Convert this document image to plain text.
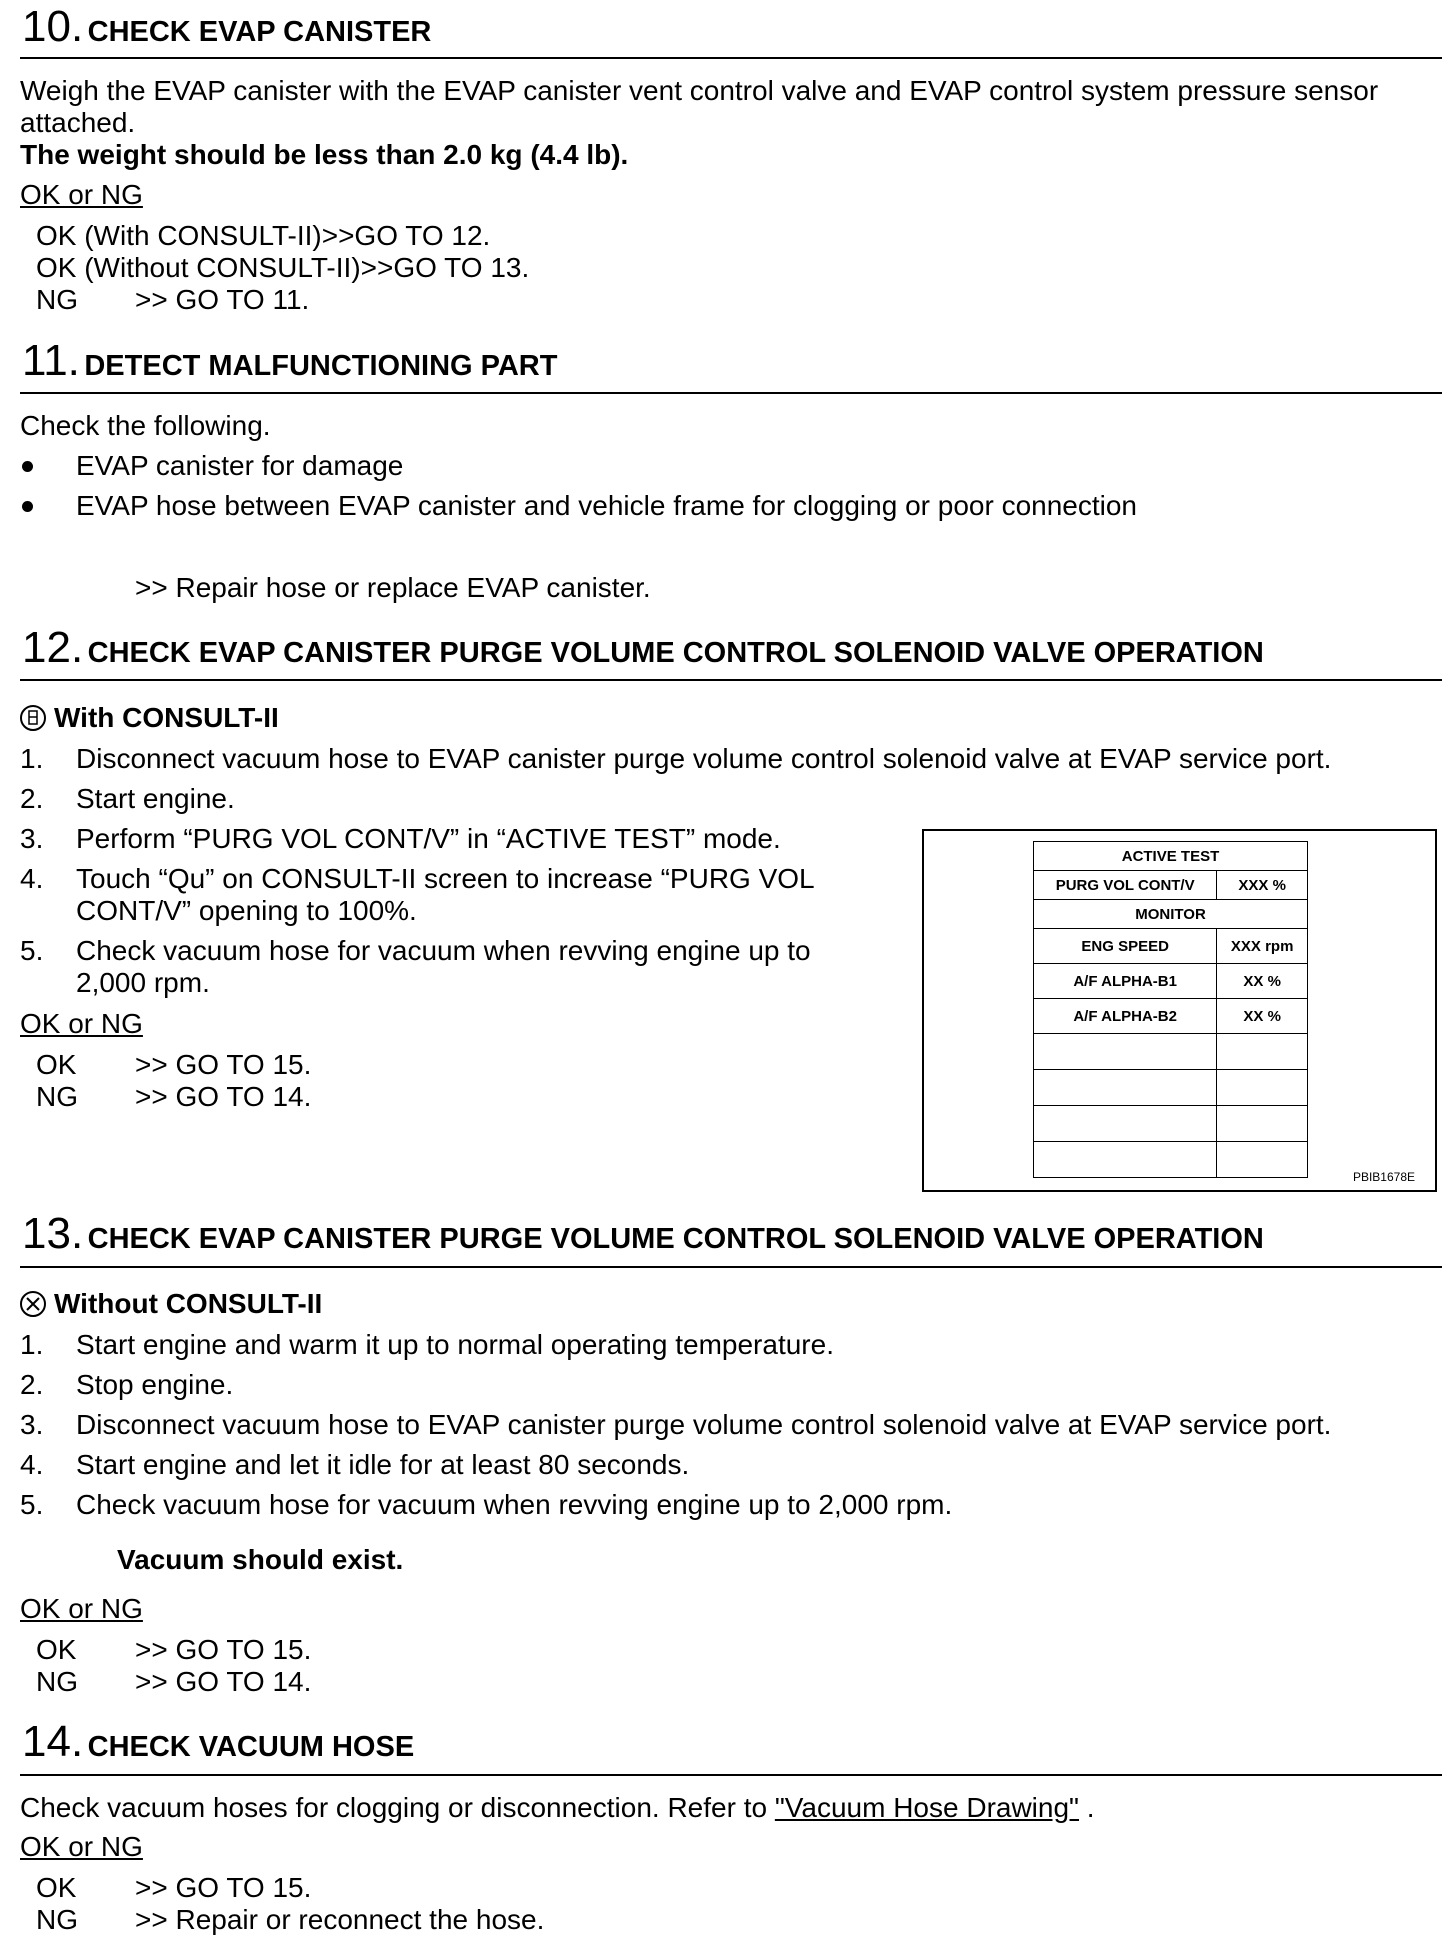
10. CHECK EVAP CANISTER
Weigh the EVAP canister with the EVAP canister vent control valve and EVAP control system pressure sensor
attached.
The weight should be less than 2.0 kg (4.4 lb).
OK or NG
OK (With CONSULT-II)>>GO TO 12.
OK (Without CONSULT-II)>>GO TO 13.
NG >> GO TO 11.
11. DETECT MALFUNCTIONING PART
Check the following.
EVAP canister for damage
EVAP hose between EVAP canister and vehicle frame for clogging or poor connection
>> Repair hose or replace EVAP canister.
12. CHECK EVAP CANISTER PURGE VOLUME CONTROL SOLENOID VALVE OPERATION
With CONSULT-II
1. Disconnect vacuum hose to EVAP canister purge volume control solenoid valve at EVAP service port.
2. Start engine.
3. Perform “PURG VOL CONT/V” in “ACTIVE TEST” mode.
4. Touch “Qu” on CONSULT-II screen to increase “PURG VOL
CONT/V” opening to 100%.
5. Check vacuum hose for vacuum when revving engine up to
2,000 rpm.
OK or NG
OK >> GO TO 15.
NG >> GO TO 14.
ACTIVE TEST	
PURG VOL CONT/V	XXX %
MONITOR	
ENG SPEED	XXX rpm
A/F ALPHA-B1	XX %
A/F ALPHA-B2	XX %

PBIB1678E
13. CHECK EVAP CANISTER PURGE VOLUME CONTROL SOLENOID VALVE OPERATION
Without CONSULT-II
1. Start engine and warm it up to normal operating temperature.
2. Stop engine.
3. Disconnect vacuum hose to EVAP canister purge volume control solenoid valve at EVAP service port.
4. Start engine and let it idle for at least 80 seconds.
5. Check vacuum hose for vacuum when revving engine up to 2,000 rpm.
Vacuum should exist.
OK or NG
OK >> GO TO 15.
NG >> GO TO 14.
14. CHECK VACUUM HOSE
Check vacuum hoses for clogging or disconnection. Refer to "Vacuum Hose Drawing" .
OK or NG
OK >> GO TO 15.
NG >> Repair or reconnect the hose.
